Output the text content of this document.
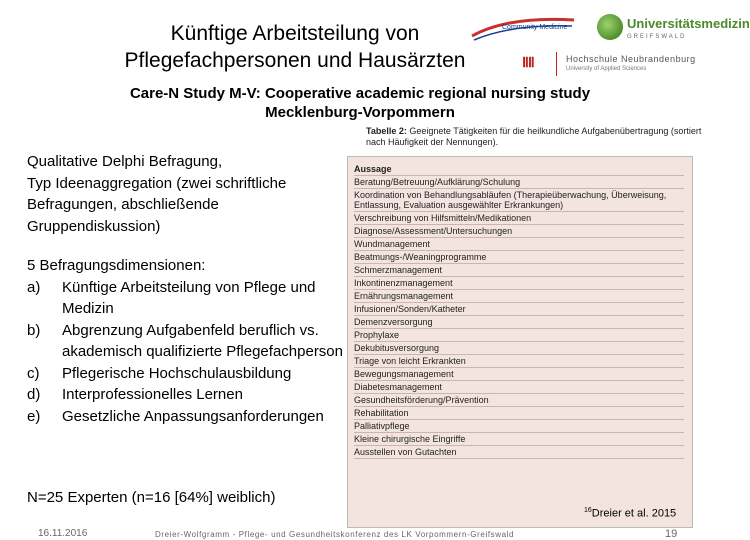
Künftige Arbeitsteilung von
Pflegefachpersonen und Hausärzten
Community Medicine	Universitätsmedizin
GREIFSWALD
ⅡⅡ	Hochschule Neubrandenburg
University of Applied Sciences
Care-N Study M-V: Cooperative academic regional nursing study
Mecklenburg-Vorpommern
Qualitative Delphi Befragung,
Typ Ideenaggregation (zwei schriftliche
Befragungen, abschließende
Gruppendiskussion)
5 Befragungsdimensionen:
a) Künftige Arbeitsteilung von Pflege und Medizin
b) Abgrenzung Aufgabenfeld beruflich vs. akademisch qualifizierte Pflegefachperson
c) Pflegerische Hochschulausbildung
d) Interprofessionelles Lernen
e) Gesetzliche Anpassungsanforderungen
N=25 Experten (n=16 [64%] weiblich)
Tabelle 2: Geeignete Tätigkeiten für die heilkundliche Aufgabenübertragung (sortiert nach Häufigkeit der Nennungen).
Aussage
Beratung/Betreuung/Aufklärung/Schulung
Koordination von Behandlungsabläufen (Therapieüberwachung, Überweisung, Entlassung, Evaluation ausgewählter Erkrankungen)
Verschreibung von Hilfsmitteln/Medikationen
Diagnose/Assessment/Untersuchungen
Wundmanagement
Beatmungs-/Weaningprogramme
Schmerzmanagement
Inkontinenzmanagement
Ernährungsmanagement
Infusionen/Sonden/Katheter
Demenzversorgung
Prophylaxe
Dekubitusversorgung
Triage von leicht Erkrankten
Bewegungsmanagement
Diabetesmanagement
Gesundheitsförderung/Prävention
Rehabilitation
Palliativpflege
Kleine chirurgische Eingriffe
Ausstellen von Gutachten
$^{16}$Dreier et al. 2015
16.11.2016	Dreier-Wolfgramm - Pflege- und Gesundheitskonferenz des LK Vorpommern-Greifswald	19
